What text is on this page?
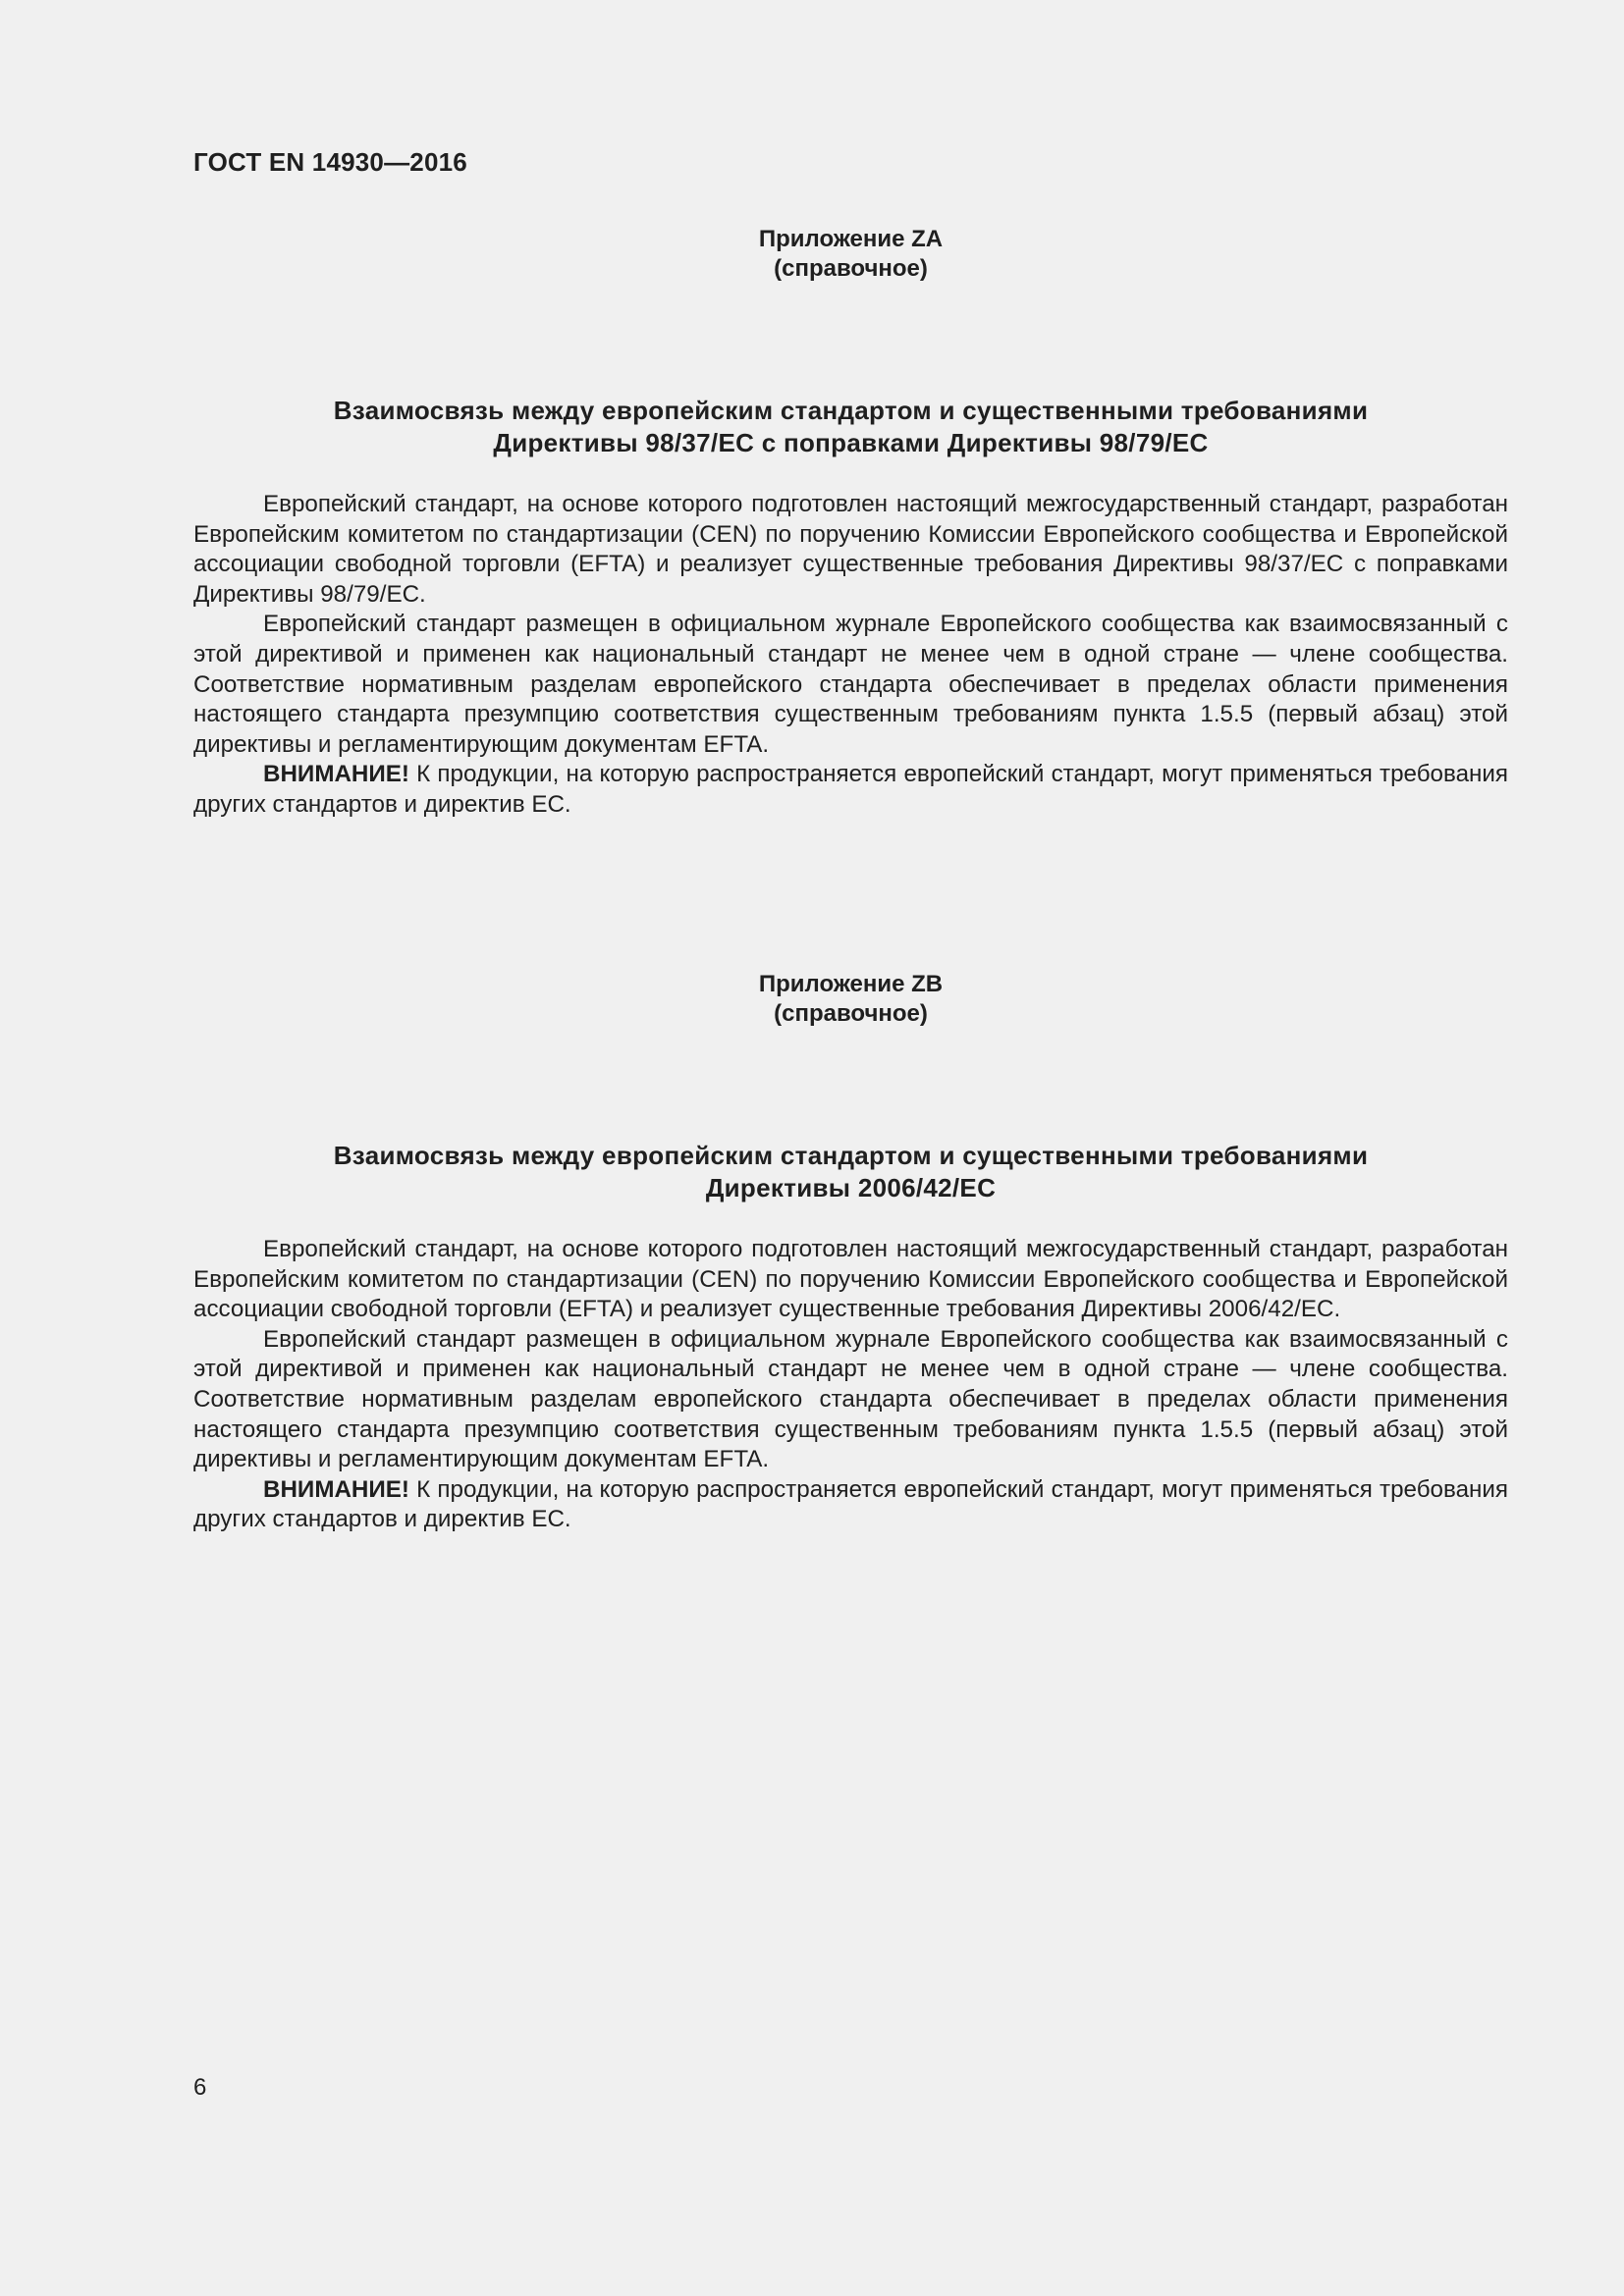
ГОСТ EN 14930—2016
Приложение ZA
(справочное)
Взаимосвязь между европейским стандартом и существенными требованиями
Директивы 98/37/ЕС с поправками Директивы 98/79/ЕС

Европейский стандарт, на основе которого подготовлен настоящий межгосударственный стандарт, разработан Европейским комитетом по стандартизации (CEN) по поручению Комиссии Европейского сообщества и Европейской ассоциации свободной торговли (EFTA) и реализует существенные требования Директивы 98/37/ЕС с поправками Директивы 98/79/ЕС.

Европейский стандарт размещен в официальном журнале Европейского сообщества как взаимосвязанный с этой директивой и применен как национальный стандарт не менее чем в одной стране — члене сообщества. Соответствие нормативным разделам европейского стандарта обеспечивает в пределах области применения настоящего стандарта презумпцию соответствия существенным требованиям пункта 1.5.5 (первый абзац) этой директивы и регламентирующим документам EFTA.

ВНИМАНИЕ! К продукции, на которую распространяется европейский стандарт, могут применяться требования других стандартов и директив ЕС.

Приложение ZB
(справочное)
Взаимосвязь между европейским стандартом и существенными требованиями
Директивы 2006/42/ЕС

Европейский стандарт, на основе которого подготовлен настоящий межгосударственный стандарт, разработан Европейским комитетом по стандартизации (CEN) по поручению Комиссии Европейского сообщества и Европейской ассоциации свободной торговли (EFTA) и реализует существенные требования Директивы 2006/42/ЕС.

Европейский стандарт размещен в официальном журнале Европейского сообщества как взаимосвязанный с этой директивой и применен как национальный стандарт не менее чем в одной стране — члене сообщества. Соответствие нормативным разделам европейского стандарта обеспечивает в пределах области применения настоящего стандарта презумпцию соответствия существенным требованиям пункта 1.5.5 (первый абзац) этой директивы и регламентирующим документам EFTA.

ВНИМАНИЕ! К продукции, на которую распространяется европейский стандарт, могут применяться требования других стандартов и директив ЕС.

6
